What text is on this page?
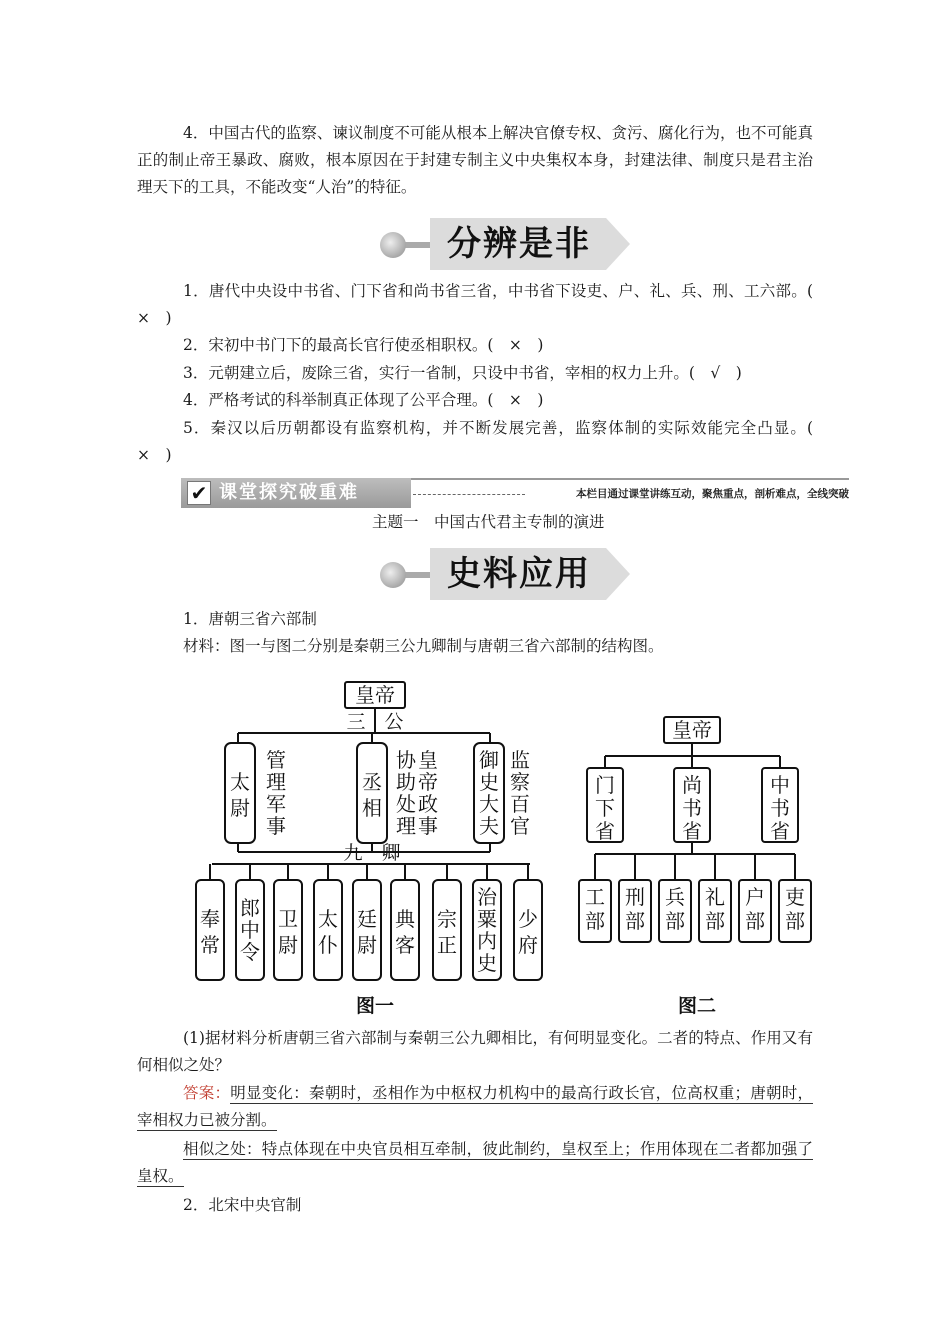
4．中国古代的监察、谏议制度不可能从根本上解决官僚专权、贪污、腐化行为，也不可能真正的制止帝王暴政、腐败，根本原因在于封建专制主义中央集权本身，封建法律、制度只是君主治理天下的工具，不能改变“人治”的特征。

分辨是非

1．唐代中央设中书省、门下省和尚书省三省，中书省下设吏、户、礼、兵、刑、工六部。(　×　)

2．宋初中书门下的最高长官行使丞相职权。(　×　)

3．元朝建立后，废除三省，实行一省制，只设中书省，宰相的权力上升。(　√　)

4．严格考试的科举制真正体现了公平合理。(　×　)

5．秦汉以后历朝都设有监察机构，并不断发展完善，监察体制的实际效能完全凸显。(　×　)

✔ 课堂探究破重难	本栏目通过课堂讲练互动，聚焦重点，剖析难点，全线突破
主题一　中国古代君主专制的演进
史料应用
1．唐朝三省六部制
材料：图一与图二分别是秦朝三公九卿制与唐朝三省六部制的结构图。
皇帝
三　公
太尉
管理军事
丞相
协助处理皇帝政事
御史大夫
监察百官
九　卿
奉常
郎中令
卫尉
太仆
廷尉
典客
宗正
治粟内史
少府
图一
皇帝
门下省
尚书省
中书省
工部
刑部
兵部
礼部
户部
吏部
图二

(1)据材料分析唐朝三省六部制与秦朝三公九卿相比，有何明显变化。二者的特点、作用又有何相似之处？

答案：明显变化：秦朝时，丞相作为中枢权力机构中的最高行政长官，位高权重；唐朝时，宰相权力已被分割。

相似之处：特点体现在中央官员相互牵制，彼此制约，皇权至上；作用体现在二者都加强了皇权。

2．北宋中央官制
